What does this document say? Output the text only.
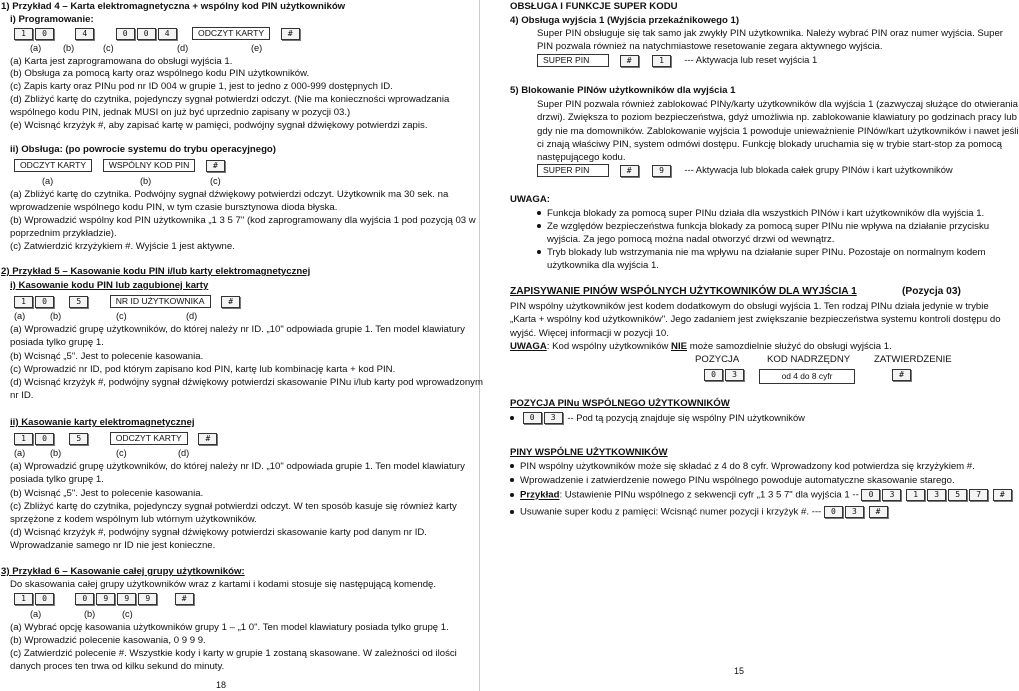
1) Przykład 4 – Karta elektromagnetyczna + wspólny kod PIN użytkowników
i) Programowanie:
1 0	4	0 0 4	ODCZYT KARTY	#
(a) (b)	(c)	(d)	(e)
(a) Karta jest zaprogramowana do obsługi wyjścia 1.
(b) Obsługa za pomocą karty oraz wspólnego kodu PIN użytkowników.
(c) Zapis karty oraz PINu pod nr ID 004 w grupie 1, jest to jedno z 000-999 dostępnych ID.
(d) Zbliżyć kartę do czytnika, pojedynczy sygnał potwierdzi odczyt. (Nie ma konieczności wprowadzania
wspólnego kodu PIN, jednak MUSI on już być uprzednio zapisany w pozycji 03.)
(e) Wcisnąć krzyżyk #, aby zapisać kartę w pamięci, podwójny sygnał dźwiękowy potwierdzi zapis.
ii) Obsługa: (po powrocie systemu do trybu operacyjnego)
ODCZYT KARTY	WSPÓLNY KOD PIN	#
(a)	(b)	(c)
(a) Zbliżyć kartę do czytnika. Podwójny sygnał dźwiękowy potwierdzi odczyt. Użytkownik ma 30 sek. na
wprowadzenie wspólnego kodu PIN, w tym czasie bursztynowa dioda błyska.
(b) Wprowadzić wspólny kod PIN użytkownika „1 3 5 7" (kod zaprogramowany dla wyjścia 1 pod pozycją 03 w
poprzednim przykładzie).
(c) Zatwierdzić krzyżykiem #. Wyjście 1 jest aktywne.
2) Przykład 5 – Kasowanie kodu PIN i/lub karty elektromagnetycznej
i) Kasowanie kodu PIN lub zagubionej karty
1 0	5	NR ID UŻYTKOWNIKA	#
(a)	(b)	(c)	(d)
(a) Wprowadzić grupę użytkowników, do której należy nr ID. „10" odpowiada grupie 1. Ten model klawiatury
posiada tylko grupę 1.
(b) Wcisnąć „5". Jest to polecenie kasowania.
(c) Wprowadzić nr ID, pod którym zapisano kod PIN, kartę lub kombinację karta + kod PIN.
(d) Wcisnąć krzyżyk #, podwójny sygnał dźwiękowy potwierdzi skasowanie PINu i/lub karty pod wprowadzonym
nr ID.
ii) Kasowanie karty elektromagnetycznej
1 0	5	ODCZYT KARTY	#
(a)	(b)	(c)	(d)
(a) Wprowadzić grupę użytkowników, do której należy nr ID. „10" odpowiada grupie 1. Ten model klawiatury
posiada tylko grupę 1.
(b) Wcisnąć „5". Jest to polecenie kasowania.
(c) Zbliżyć kartę do czytnika, pojedynczy sygnał potwierdzi odczyt. W ten sposób kasuje się również karty
sprzężone z kodem wspólnym lub wtórnym użytkowników.
(d) Wcisnąć krzyżyk #, podwójny sygnał dźwiękowy potwierdzi skasowanie karty pod danym nr ID.
Wprowadzanie samego nr ID nie jest konieczne.
3) Przykład 6 – Kasowanie całej grupy użytkowników:
Do skasowania całej grupy użytkowników wraz z kartami i kodami stosuje się następującą komendę.
1 0	0 9 9 9	#
(a)	(b)	(c)
(a) Wybrać opcję kasowania użytkowników grupy 1 – „1 0". Ten model klawiatury posiada tylko grupę 1.
(b) Wprowadzić polecenie kasowania, 0 9 9 9.
(c) Zatwierdzić polecenie #. Wszystkie kody i karty w grupie 1 zostaną skasowane. W zależności od ilości
danych proces ten trwa od kilku sekund do minuty.
18
OBSŁUGA I FUNKCJE SUPER KODU
4) Obsługa wyjścia 1 (Wyjścia przekaźnikowego 1)
Super PIN obsługuje się tak samo jak zwykły PIN użytkownika. Należy wybrać PIN oraz numer wyjścia. Super
PIN pozwala również na natychmiastowe resetowanie zegara aktywnego wyjścia.
SUPER PIN	#	1 --- Aktywacja lub reset wyjścia 1
5) Blokowanie PINów użytkowników dla wyjścia 1
Super PIN pozwala również zablokować PINy/karty użytkowników dla wyjścia 1 (zazwyczaj służące do otwierania
drzwi). Zwiększa to poziom bezpieczeństwa, gdyż umożliwia np. zablokowanie klawiatury po godzinach pracy lub
gdy nie ma domowników. Zablokowanie wyjścia 1 powoduje unieważnienie PINów/kart użytkowników i nawet jeśli
ci znają właściwy PIN, system odmówi dostępu. Funkcję blokady uruchamia się w trybie start-stop za pomocą
następującego kodu.
SUPER PIN	#	9 --- Aktywacja lub blokada całek grupy PINów i kart użytkowników
UWAGA:
Funkcja blokady za pomocą super PINu działa dla wszystkich PINów i kart użytkowników dla wyjścia 1.
Ze względów bezpieczeństwa funkcja blokady za pomocą super PINu nie wpływa na działanie przycisku
wyjścia. Za jego pomocą można nadal otworzyć drzwi od wewnątrz.
Tryb blokady lub wstrzymania nie ma wpływu na działanie super PINu. Pozostaje on normalnym kodem
użytkownika dla wyjścia 1.
ZAPISYWANIE PINÓW WSPÓLNYCH UŻYTKOWNIKÓW DLA WYJŚCIA 1	(Pozycja 03)
PIN wspólny użytkowników jest kodem dodatkowym do obsługi wyjścia 1. Ten rodzaj PINu działa jedynie w trybie
„Karta + wspólny kod użytkowników". Jego zadaniem jest zwiększanie bezpieczeństwa systemu kontroli dostępu do
wyjść. Więcej informacji w pozycji 10.
UWAGA: Kod wspólny użytkowników NIE może samozdielnie służyć do obsługi wyjścia 1.
POZYCJA	KOD NADRZĘDNY ZATWIERDZENIE
0 3	od 4 do 8 cyfr	#
POZYCJA PINu WSPÓLNEGO UŻYTKOWNIKÓW
0 3 -- Pod tą pozycją znajduje się wspólny PIN użytkowników
PINY WSPÓLNE UŻYTKOWNIKÓW
PIN wspólny użytkowników może się składać z 4 do 8 cyfr. Wprowadzony kod potwierdza się krzyżykiem #.
Wprowadzenie i zatwierdzenie nowego PINu wspólnego powoduje automatyczne skasowanie starego.
Przykład: Ustawienie PINu wspólnego z sekwencji cyfr „1 3 5 7" dla wyjścia 1 -- 0 3 1 3 5 7 #
Usuwanie super kodu z pamięci: Wcisnąć numer pozycji i krzyżyk #. --- 0 3 #
15
